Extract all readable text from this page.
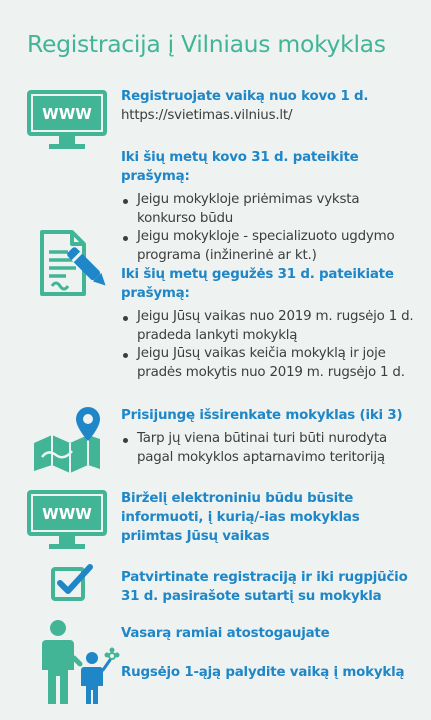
Registracija į Vilniaus mokyklas
WWW
Registruojate vaiką nuo kovo 1 d.
https://svietimas.vilnius.lt/
Iki šių metų kovo 31 d. pateikite prašymą:
Jeigu mokykloje priėmimas vyksta konkurso būdu
Jeigu mokykloje - specializuoto ugdymo programa (inžinerinė ar kt.)
Iki šių metų gegužės 31 d. pateikiate prašymą:
Jeigu Jūsų vaikas nuo 2019 m. rugsėjo 1 d. pradeda lankyti mokyklą
Jeigu Jūsų vaikas keičia mokyklą ir joje pradės mokytis nuo 2019 m. rugsėjo 1 d.
Prisijungę išsirenkate mokyklas (iki 3)
Tarp jų viena būtinai turi būti nurodyta pagal mokyklos aptarnavimo teritoriją
WWW
Birželį elektroniniu būdu būsite informuoti, į kurią/-ias mokyklas priimtas Jūsų vaikas
Patvirtinate registraciją ir iki rugpjūčio 31 d. pasirašote sutartį su mokykla
Vasarą ramiai atostogaujate
Rugsėjo 1-ąją palydite vaiką į mokyklą
